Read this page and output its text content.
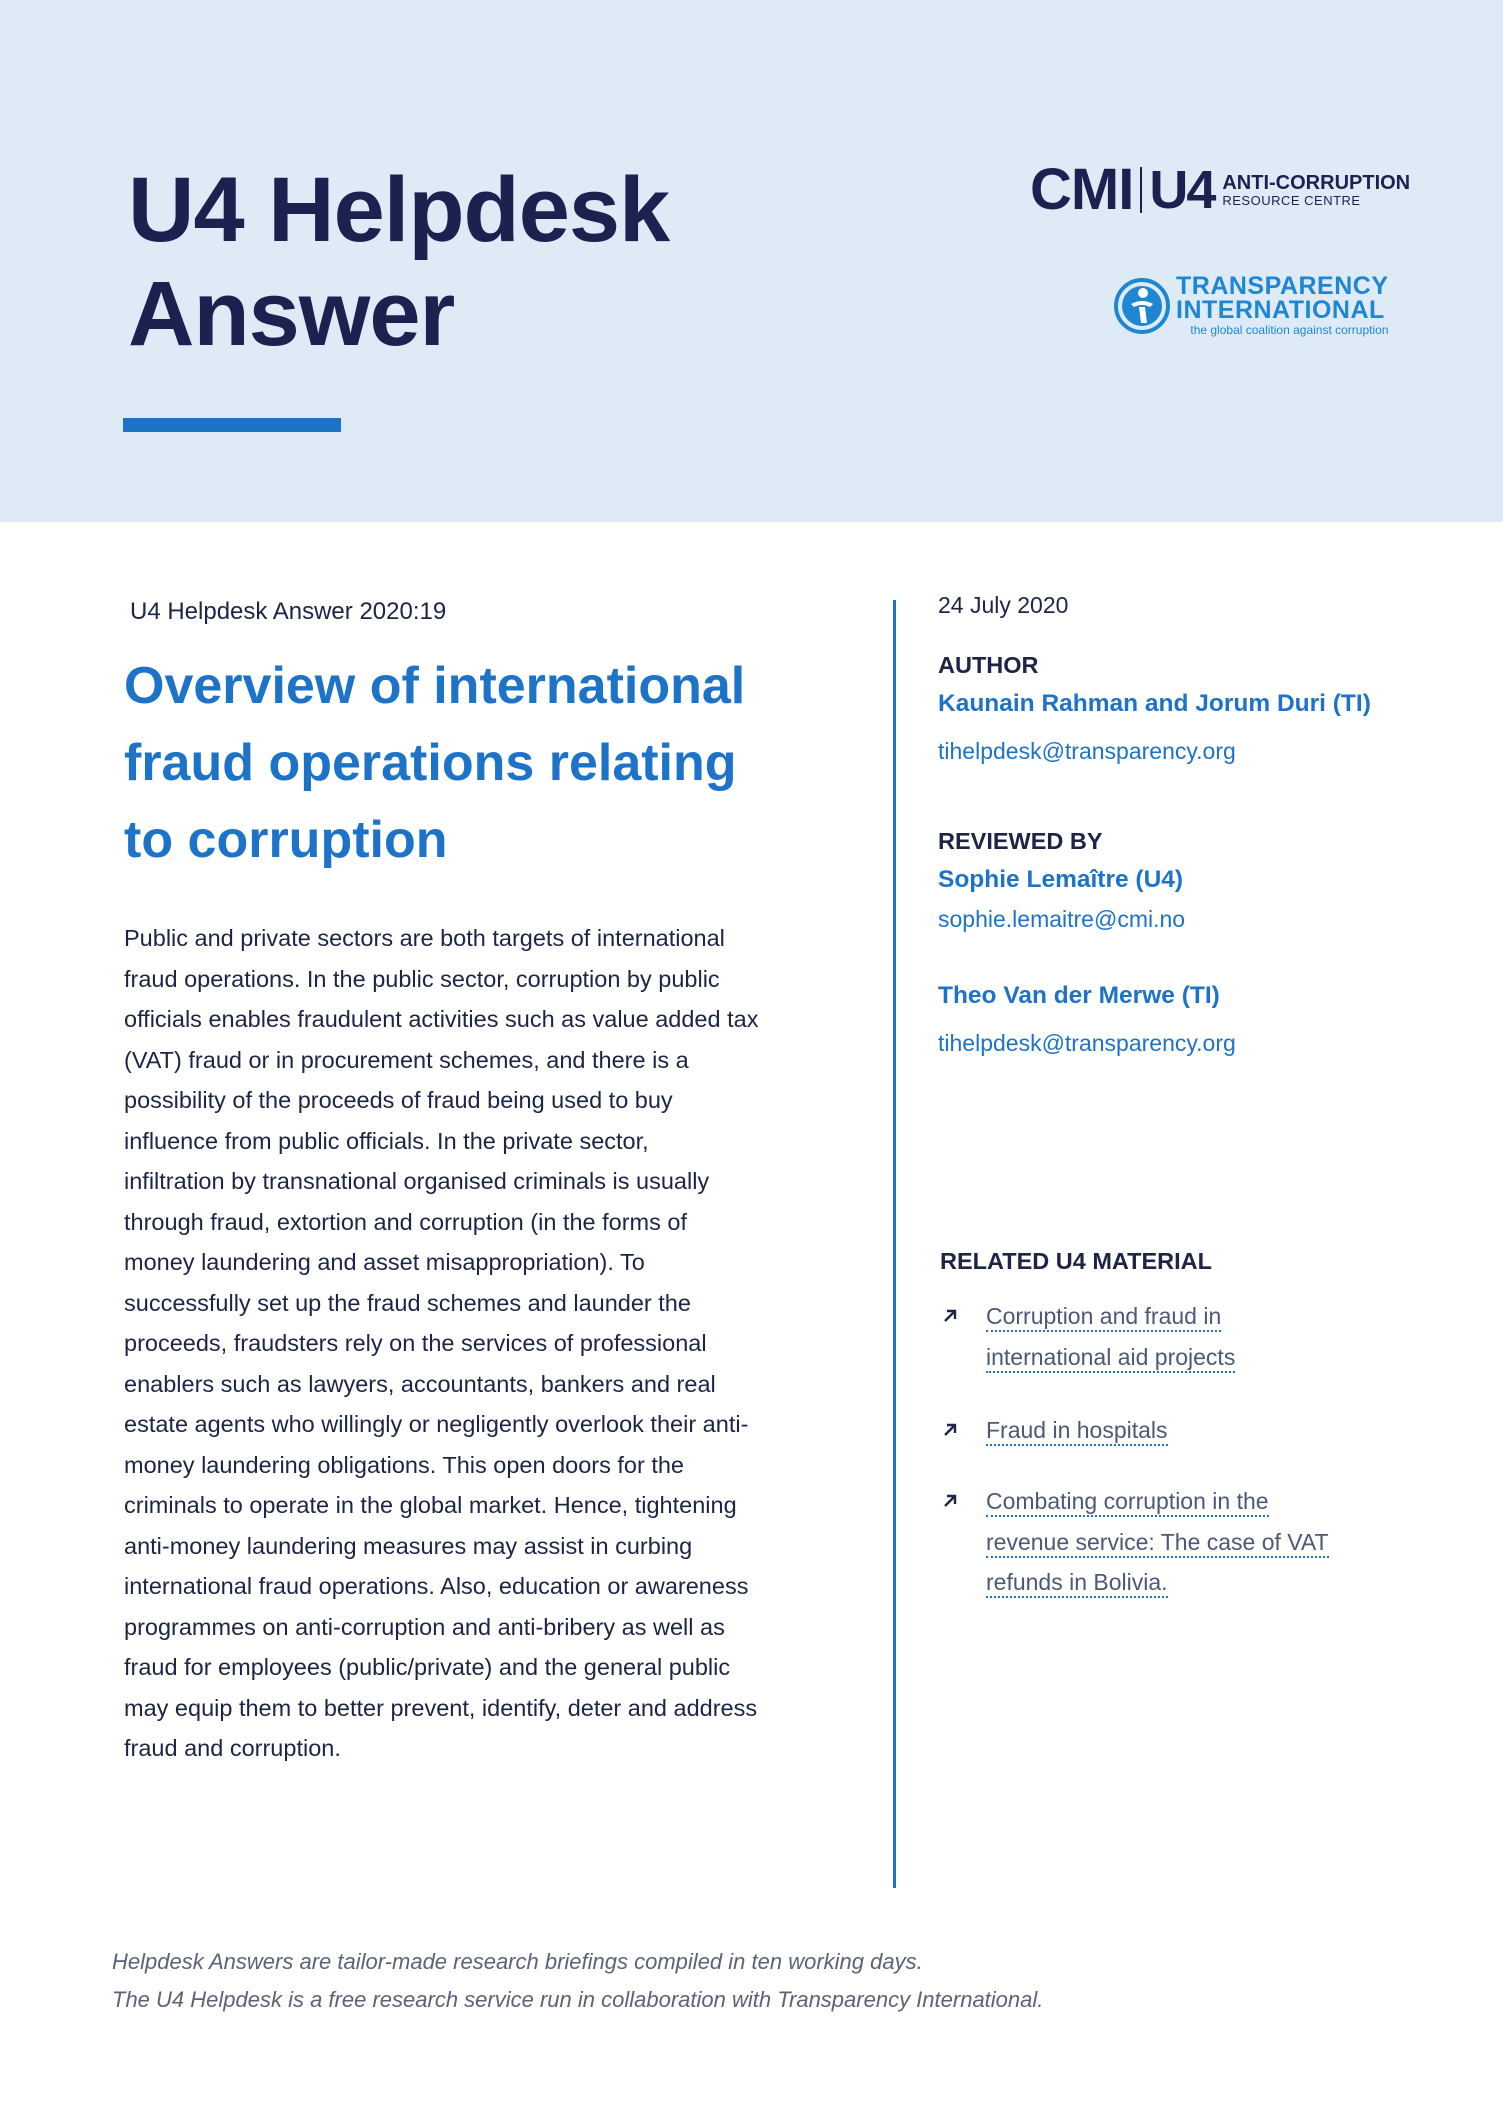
U4 Helpdesk
Answer
CMI U4 ANTI-CORRUPTION
RESOURCE CENTRE
TRANSPARENCY
INTERNATIONAL
the global coalition against corruption
U4 Helpdesk Answer 2020:19
Overview of international
fraud operations relating
to corruption
Public and private sectors are both targets of international
fraud operations. In the public sector, corruption by public
officials enables fraudulent activities such as value added tax
(VAT) fraud or in procurement schemes, and there is a
possibility of the proceeds of fraud being used to buy
influence from public officials. In the private sector,
infiltration by transnational organised criminals is usually
through fraud, extortion and corruption (in the forms of
money laundering and asset misappropriation). To
successfully set up the fraud schemes and launder the
proceeds, fraudsters rely on the services of professional
enablers such as lawyers, accountants, bankers and real
estate agents who willingly or negligently overlook their anti-
money laundering obligations. This open doors for the
criminals to operate in the global market. Hence, tightening
anti-money laundering measures may assist in curbing
international fraud operations. Also, education or awareness
programmes on anti-corruption and anti-bribery as well as
fraud for employees (public/private) and the general public
may equip them to better prevent, identify, deter and address
fraud and corruption.
24 July 2020
AUTHOR
Kaunain Rahman and Jorum Duri (TI)
tihelpdesk@transparency.org
REVIEWED BY
Sophie Lemaître (U4)
sophie.lemaitre@cmi.no
Theo Van der Merwe (TI)
tihelpdesk@transparency.org
RELATED U4 MATERIAL
Corruption and fraud in
international aid projects
Fraud in hospitals
Combating corruption in the
revenue service: The case of VAT
refunds in Bolivia.
Helpdesk Answers are tailor-made research briefings compiled in ten working days.
The U4 Helpdesk is a free research service run in collaboration with Transparency International.
